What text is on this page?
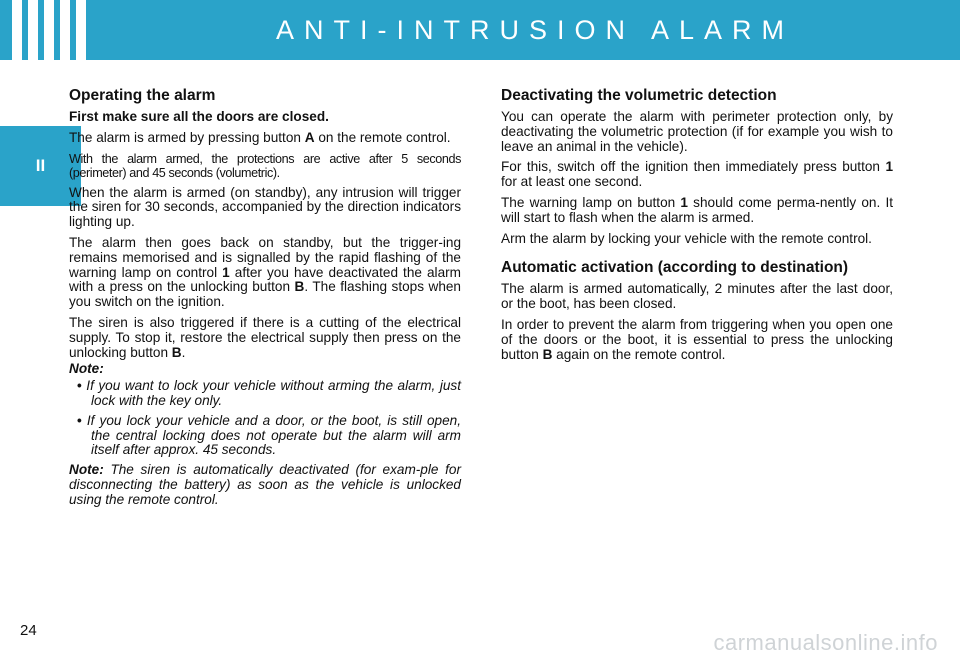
ANTI-INTRUSION ALARM
II
Operating the alarm

First make sure all the doors are closed.

The alarm is armed by pressing button A on the remote control.

With the alarm armed, the protections are active after 5 seconds (perimeter) and 45 seconds (volumetric).

When the alarm is armed (on standby), any intrusion will trigger the siren for 30 seconds, accompanied by the direction indicators lighting up.

The alarm then goes back on standby, but the trigger-ing remains memorised and is signalled by the rapid flashing of the warning lamp on control 1 after you have deactivated the alarm with a press on the unlocking button B. The flashing stops when you switch on the ignition.

The siren is also triggered if there is a cutting of the electrical supply. To stop it, restore the electrical supply then press on the unlocking button B.

Note:

• If you want to lock your vehicle without arming the alarm, just lock with the key only.
• If you lock your vehicle and a door, or the boot, is still open, the central locking does not operate but the alarm will arm itself after approx. 45 seconds.

Note: The siren is automatically deactivated (for exam-ple for disconnecting the battery) as soon as the vehicle is unlocked using the remote control.

Deactivating the volumetric detection

You can operate the alarm with perimeter protection only, by deactivating the volumetric protection (if for example you wish to leave an animal in the vehicle).

For this, switch off the ignition then immediately press button 1 for at least one second.

The warning lamp on button 1 should come perma-nently on. It will start to flash when the alarm is armed.

Arm the alarm by locking your vehicle with the remote control.

Automatic activation (according to destination)

The alarm is armed automatically, 2 minutes after the last door, or the boot, has been closed.

In order to prevent the alarm from triggering when you open one of the doors or the boot, it is essential to press the unlocking button B again on the remote control.

24	carmanualsonline.info
